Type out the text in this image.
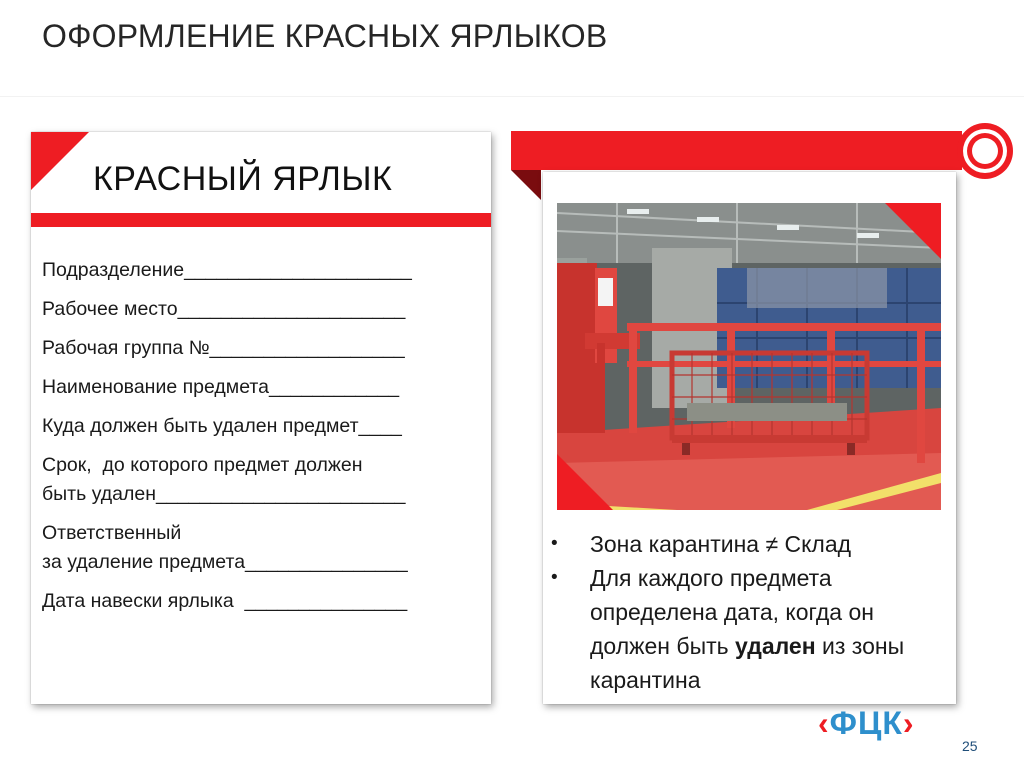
ОФОРМЛЕНИЕ КРАСНЫХ ЯРЛЫКОВ
КРАСНЫЙ ЯРЛЫК
Подразделение_____________________
Рабочее место_____________________
Рабочая группа №__________________
Наименование предмета____________
Куда должен быть удален предмет____
Срок,  до которого предмет должен
быть удален_______________________
Ответственный
за удаление предмета_______________
Дата навески ярлыка  _______________
• Зона карантина ≠ Склад
• Для каждого предмета определена дата, когда он должен быть удален из зоны карантина
‹ФЦК›
25
